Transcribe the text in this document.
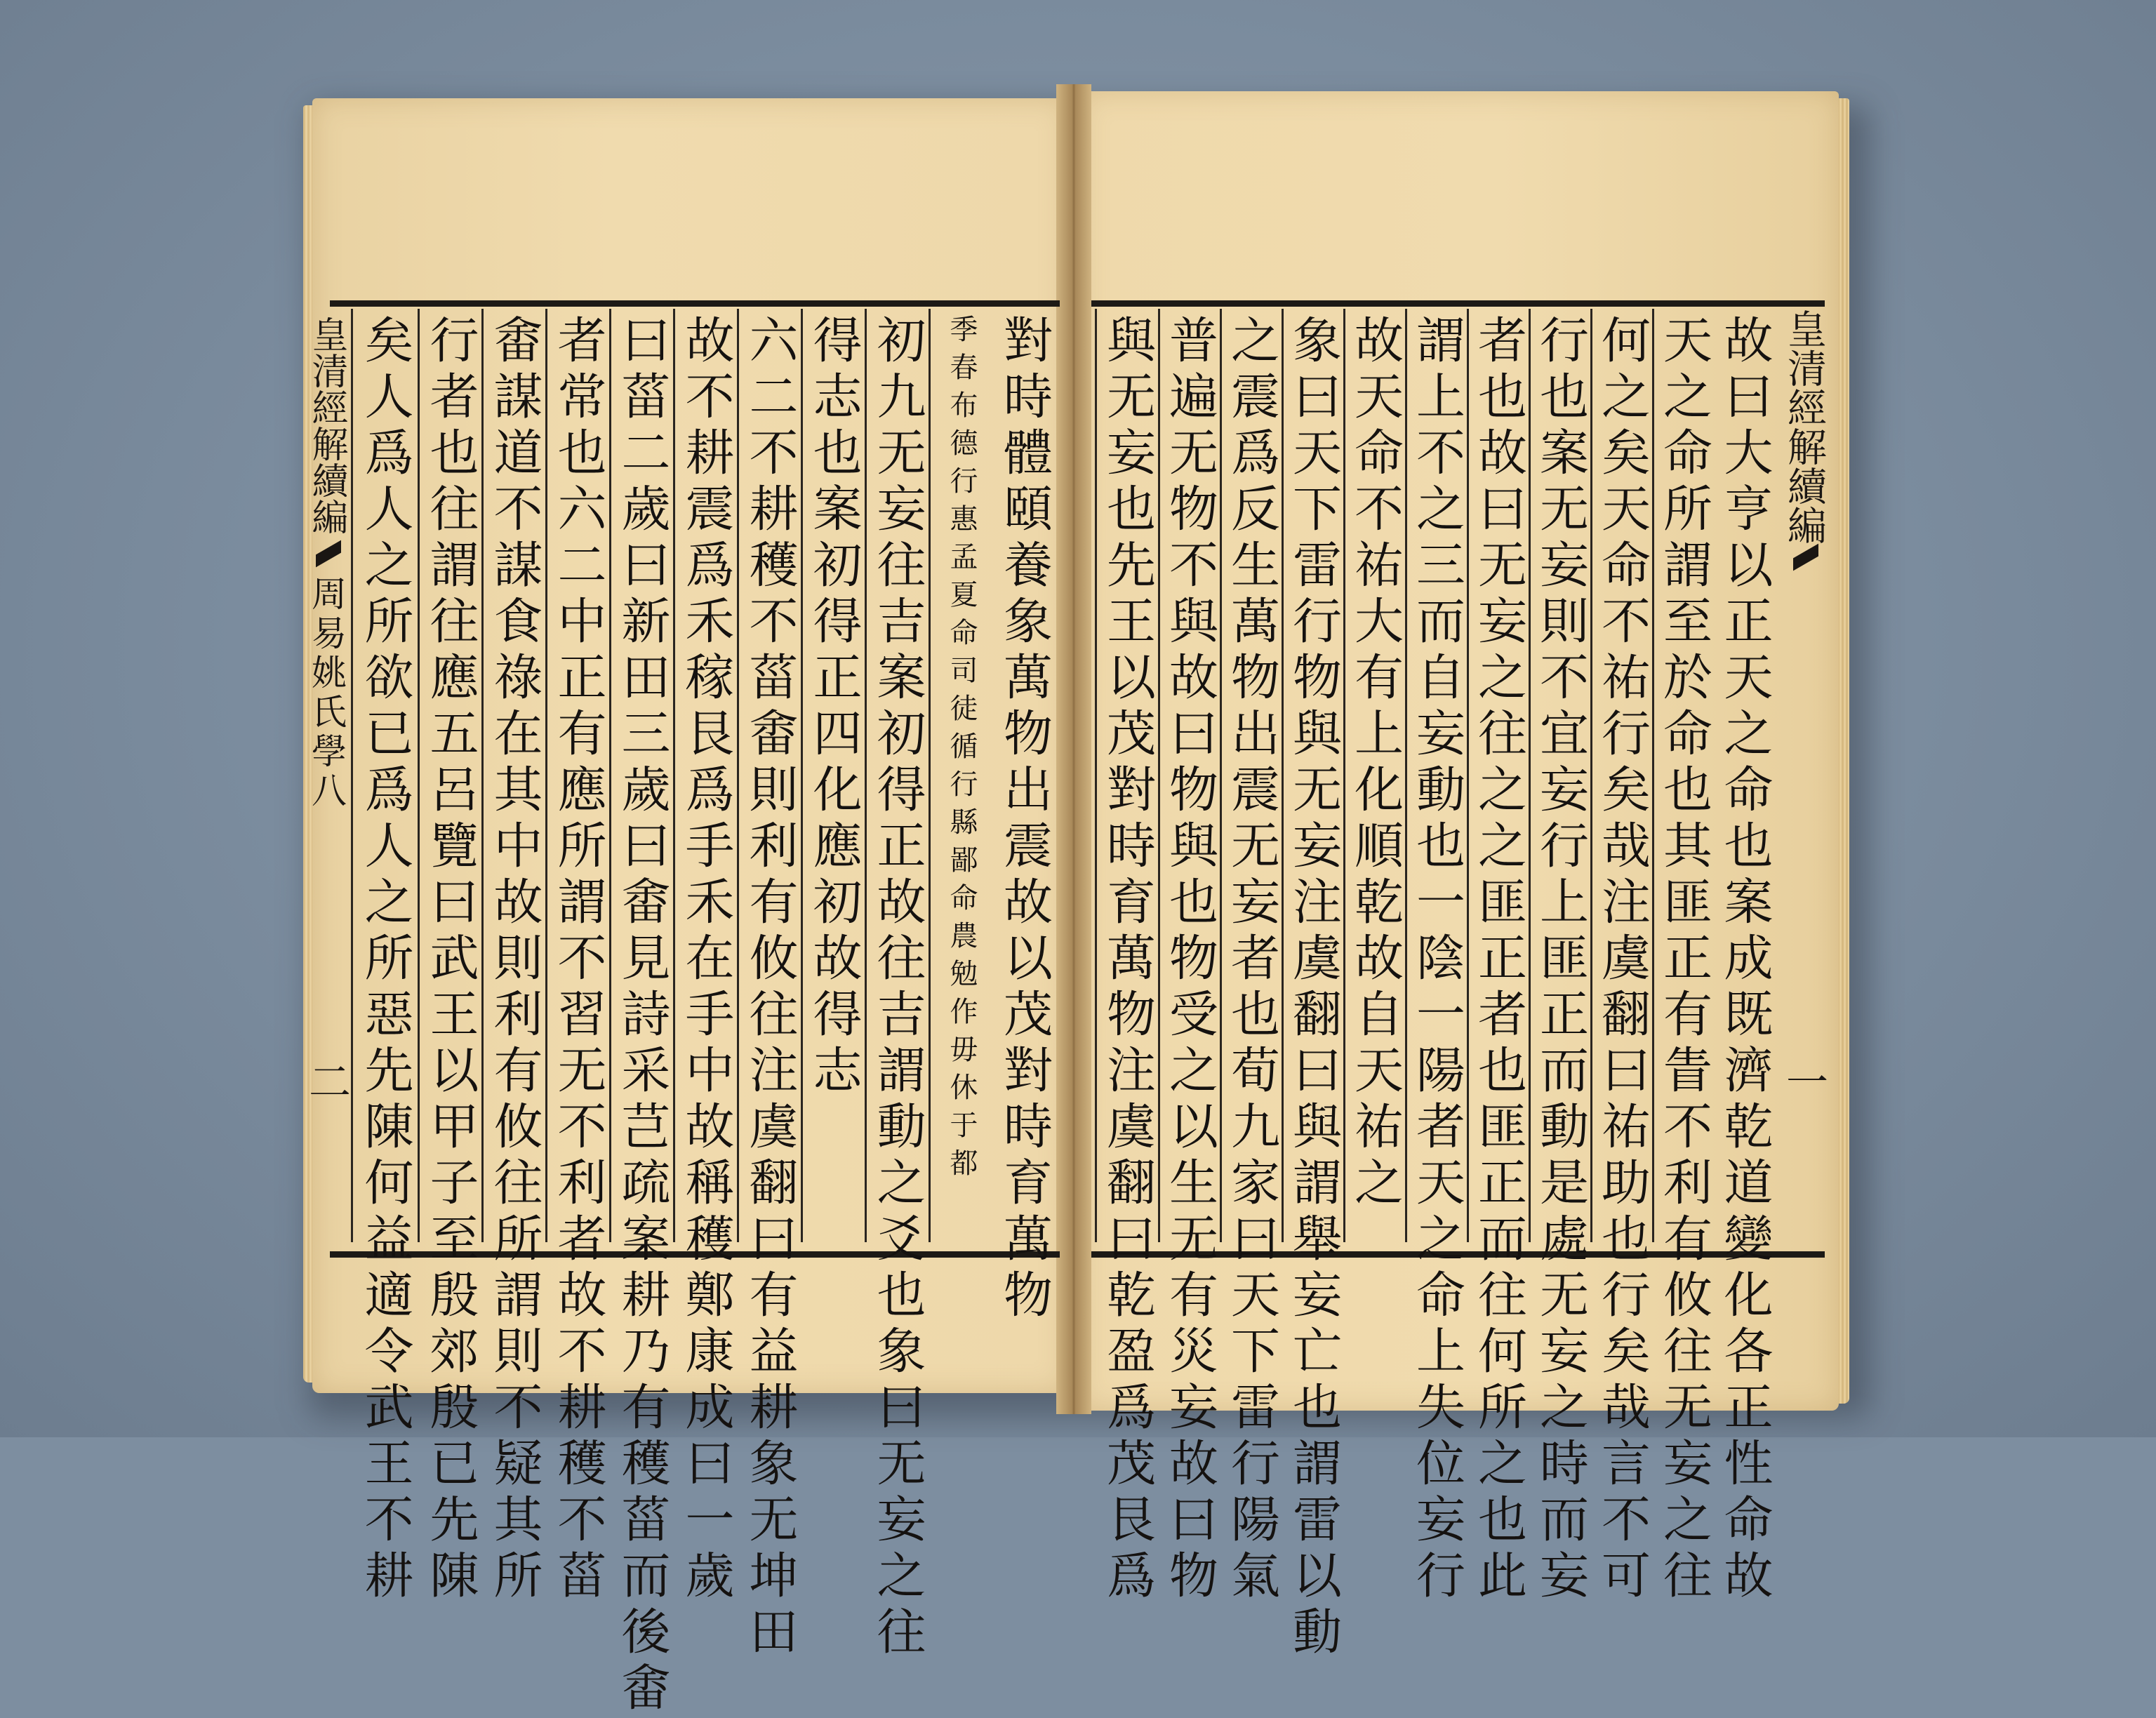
皇清經解續編
周易姚氏學八
二	對時體頤養象萬物出震故以茂對時育萬物
季春布德行惠孟夏命司徒循行縣鄙命農勉作毋休于都
初九无妄往吉案初得正故往吉謂動之爻也象曰无妄之往
得志也案初得正四化應初故得志
六二不耕穫不菑畬則利有攸往注虞翻曰有益耕象无坤田
故不耕震爲禾稼艮爲手禾在手中故稱穫鄭康成曰一歲
曰菑二歲曰新田三歲曰畬見詩采芑疏案耕乃有穫菑而後畬
者常也六二中正有應所謂不習无不利者故不耕穫不菑
畬謀道不謀食祿在其中故則利有攸往所謂則不疑其所
行者也往謂往應五呂覽曰武王以甲子至殷郊殷已先陳
矣人爲人之所欲已爲人之所惡先陳何益適令武王不耕	皇清經解續編
一
故曰大亨以正天之命也案成既濟乾道變化各正性命故
天之命所謂至於命也其匪正有眚不利有攸往无妄之往
何之矣天命不祐行矣哉注虞翻曰祐助也行矣哉言不可
行也案无妄則不宜妄行上匪正而動是處无妄之時而妄
者也故曰无妄之往之之匪正者也匪正而往何所之也此
謂上不之三而自妄動也一陰一陽者天之命上失位妄行
故天命不祐大有上化順乾故自天祐之
象曰天下雷行物與无妄注虞翻曰與謂舉妄亡也謂雷以動
之震爲反生萬物出震无妄者也荀九家曰天下雷行陽氣
普遍无物不與故曰物與也物受之以生无有災妄故曰物
與无妄也先王以茂對時育萬物注虞翻曰乾盈爲茂艮爲
